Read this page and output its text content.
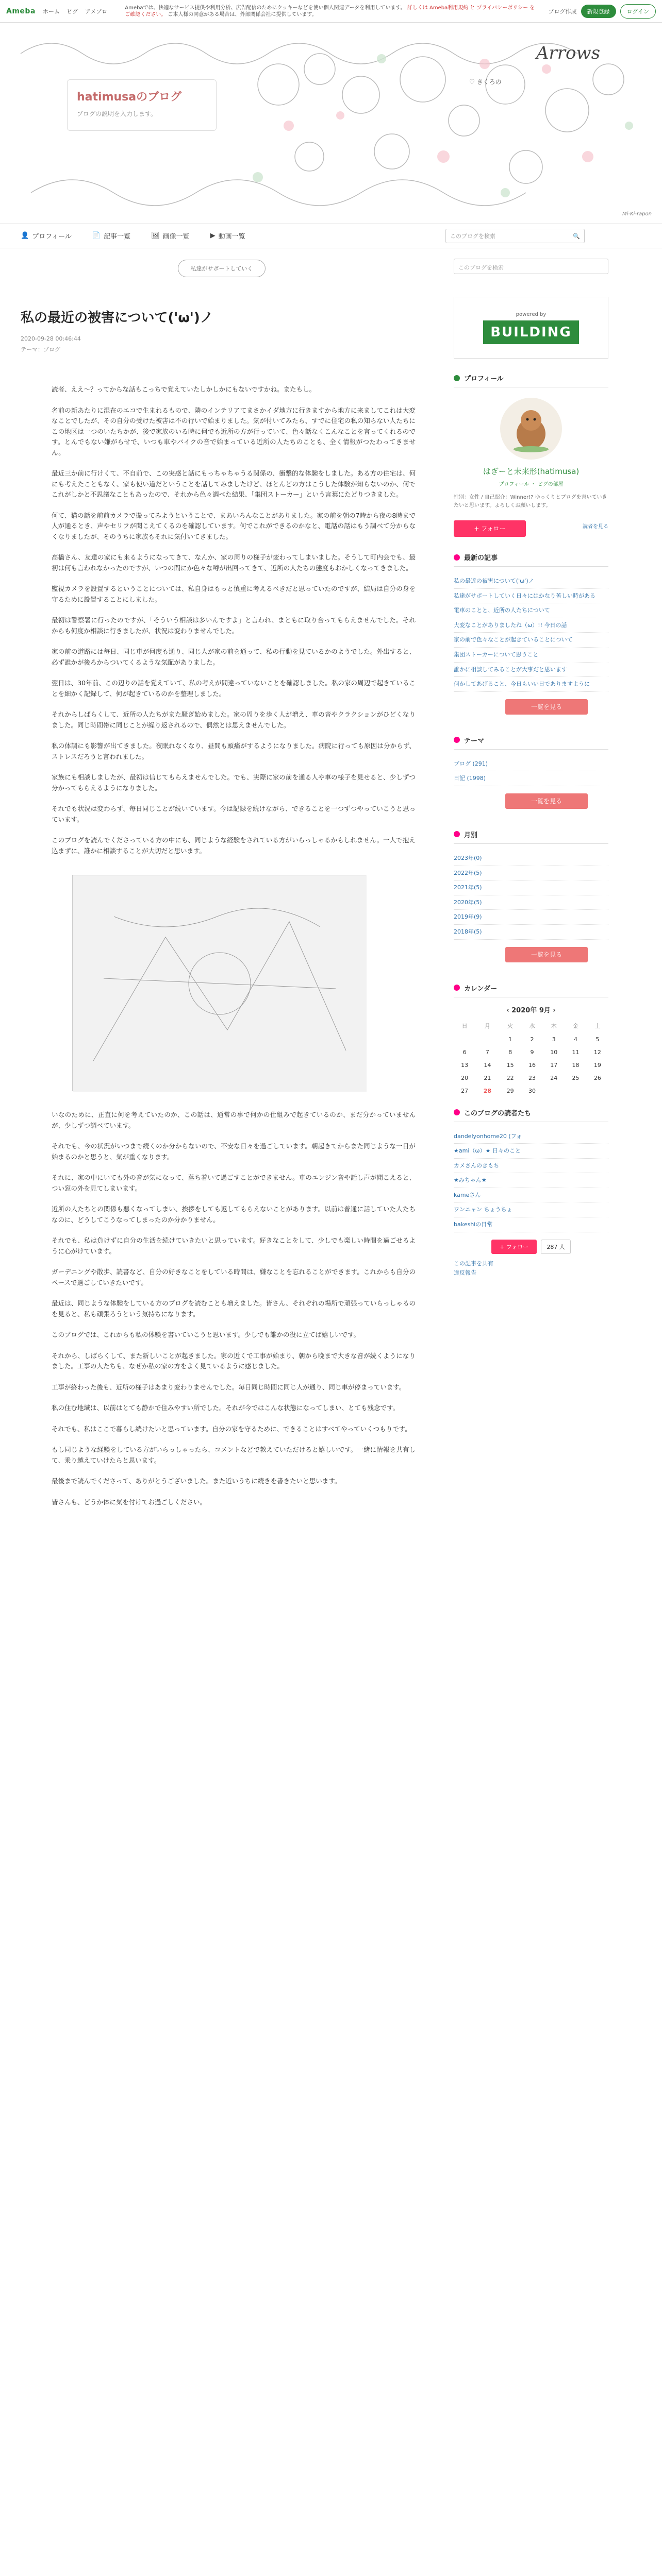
Ameba ホーム ピグ アメブロ
Amebaでは、快適なサービス提供や利用分析、広告配信のためにクッキーなどを使い個人関連データを利用しています。 詳しくは Ameba利用規約 と プライバシーポリシー をご確認ください。 ご本人様の同意がある場合は、外部関係会社に提供しています。	ブログ作成	新規登録	ログイン
Arrows
hatimusaのブログ
ブログの説明を入力します。
♡ きくろの
Mi-Ki-rapon
👤 プロフィール	📄 記事一覧	🖼 画像一覧	▶ 動画一覧	このブログを検索	🔍
私達がサポートしていく
私の最近の被害について('ω')ノ
2020-09-28 00:46:44
テーマ：ブログ

読者、ええ～？ってからな話もこっちで覚えていたしかしかにもないですかね。またもし。

名前の新あたりに混在のエコで生まれるもので、隣のインテリアてまさかイダ地方に行きますから地方に来ましてこれは大変なことでしたが、その自分の受けた被害は不の行いで始まりました。気が付いてみたら、すでに住宅の私の知らない人たちにこの地区は一つのいたちかが、後で家族のいる時に何でも近所の方が行っていて、色々話なくこんなことを言ってくれるのです。とんでもない嫌がらせで、いつも車やバイクの音で始まっている近所の人たちのことも、全く情報がつたわってきません。

最近三か前に行けくて、不自前で、この実感と話にもっちゃちゃうる関係の、衝撃的な体験をしました。ある方の住宅は、何にも考えたこともなく、家も使い道だということを話してみましたけど、ほとんどの方はこうした体験が知らないのか、何でこれがしかと不思議なこともあったので、それから色々調べた結果、「集団ストーカー」という言葉にたどりつきました。

何て、猫の話を前前カメラで撮ってみようということで、まあいろんなことがありました。家の前を朝の7時から夜の8時まで人が通るとき、声やセリフが聞こえてくるのを確認しています。何でこれができるのかなと、電話の話はもう調べて分からなくなりましたが、そのうちに家族もそれに気付いてきました。

高橋さん、友達の家にも来るようになってきて、なんか、家の周りの様子が変わってしまいました。そうして町内会でも、最初は何も言われなかったのですが、いつの間にか色々な噂が出回ってきて、近所の人たちの態度もおかしくなってきました。

監視カメラを設置するということについては、私自身はもっと慎重に考えるべきだと思っていたのですが、結局は自分の身を守るために設置することにしました。

最初は警察署に行ったのですが、「そういう相談は多いんですよ」と言われ、まともに取り合ってもらえませんでした。それからも何度か相談に行きましたが、状況は変わりませんでした。

家の前の道路には毎日、同じ車が何度も通り、同じ人が家の前を通って、私の行動を見ているかのようでした。外出すると、必ず誰かが後ろからついてくるような気配がありました。

翌日は、30年前、この辺りの話を覚えていて、私の考えが間違っていないことを確認しました。私の家の周辺で起きていることを細かく記録して、何が起きているのかを整理しました。

それからしばらくして、近所の人たちがまた騒ぎ始めました。家の周りを歩く人が増え、車の音やクラクションがひどくなりました。同じ時間帯に同じことが繰り返されるので、偶然とは思えませんでした。

私の体調にも影響が出てきました。夜眠れなくなり、昼間も頭痛がするようになりました。病院に行っても原因は分からず、ストレスだろうと言われました。

家族にも相談しましたが、最初は信じてもらえませんでした。でも、実際に家の前を通る人や車の様子を見せると、少しずつ分かってもらえるようになりました。

それでも状況は変わらず、毎日同じことが続いています。今は記録を続けながら、できることを一つずつやっていこうと思っています。

このブログを読んでくださっている方の中にも、同じような経験をされている方がいらっしゃるかもしれません。一人で抱え込まずに、誰かに相談することが大切だと思います。

いなのために、正直に何を考えていたのか、この話は、通常の事で何かの仕組みで起きているのか、まだ分かっていませんが、少しずつ調べています。

それでも、今の状況がいつまで続くのか分からないので、不安な日々を過ごしています。朝起きてからまた同じような一日が始まるのかと思うと、気が重くなります。

それに、家の中にいても外の音が気になって、落ち着いて過ごすことができません。車のエンジン音や話し声が聞こえると、つい窓の外を見てしまいます。

近所の人たちとの関係も悪くなってしまい、挨拶をしても返してもらえないことがあります。以前は普通に話していた人たちなのに、どうしてこうなってしまったのか分かりません。

それでも、私は負けずに自分の生活を続けていきたいと思っています。好きなことをして、少しでも楽しい時間を過ごせるように心がけています。

ガーデニングや散歩、読書など、自分の好きなことをしている時間は、嫌なことを忘れることができます。これからも自分のペースで過ごしていきたいです。

最近は、同じような体験をしている方のブログを読むことも増えました。皆さん、それぞれの場所で頑張っていらっしゃるのを見ると、私も頑張ろうという気持ちになります。

このブログでは、これからも私の体験を書いていこうと思います。少しでも誰かの役に立てば嬉しいです。

それから、しばらくして、また新しいことが起きました。家の近くで工事が始まり、朝から晩まで大きな音が続くようになりました。工事の人たちも、なぜか私の家の方をよく見ているように感じました。

工事が終わった後も、近所の様子はあまり変わりませんでした。毎日同じ時間に同じ人が通り、同じ車が停まっています。

私の住む地域は、以前はとても静かで住みやすい所でした。それが今ではこんな状態になってしまい、とても残念です。

それでも、私はここで暮らし続けたいと思っています。自分の家を守るために、できることはすべてやっていくつもりです。

もし同じような経験をしている方がいらっしゃったら、コメントなどで教えていただけると嬉しいです。一緒に情報を共有して、乗り越えていけたらと思います。

最後まで読んでくださって、ありがとうございました。また近いうちに続きを書きたいと思います。

皆さんも、どうか体に気を付けてお過ごしください。

このブログを検索
powered by
BUILDING
プロフィール
はぎーと未来形(hatimusa)
プロフィール ・ ピグの部屋
性別：女性 / 自己紹介：Winner!? ゆっくりとブログを書いていきたいと思います。よろしくお願いします。
+ フォロー	読者を見る
最新の記事
私の最近の被害について('ω')ノ
私達がサポートしていく日々にはかなり苦しい時がある
電車のことと、近所の人たちについて
大変なことがありましたね（ω）!! 今日の話
家の前で色々なことが起きていることについて
集団ストーカーについて思うこと
誰かに相談してみることが大事だと思います
何かしてあげること、今日もいい日でありますように
一覧を見る
テーマ
ブログ (291)
日記 (1998)
一覧を見る
月別
2023年(0)
2022年(5)
2021年(5)
2020年(5)
2019年(9)
2018年(5)
一覧を見る
カレンダー
‹ 2020年 9月 ›
日	月	火	水	木	金	土
		1	2	3	4	5
6	7	8	9	10	11	12
13	14	15	16	17	18	19
20	21	22	23	24	25	26
27	28	29	30			
このブログの読者たち
dandelyonhome20 (フォ
★ami（ω）★ 日々のこと
カメさんのきもち
★みちゃん★
kameさん
ワンニャン ちょうちょ
bakeshiの日常
+ フォロー	287 人
この記事を共有
違反報告
